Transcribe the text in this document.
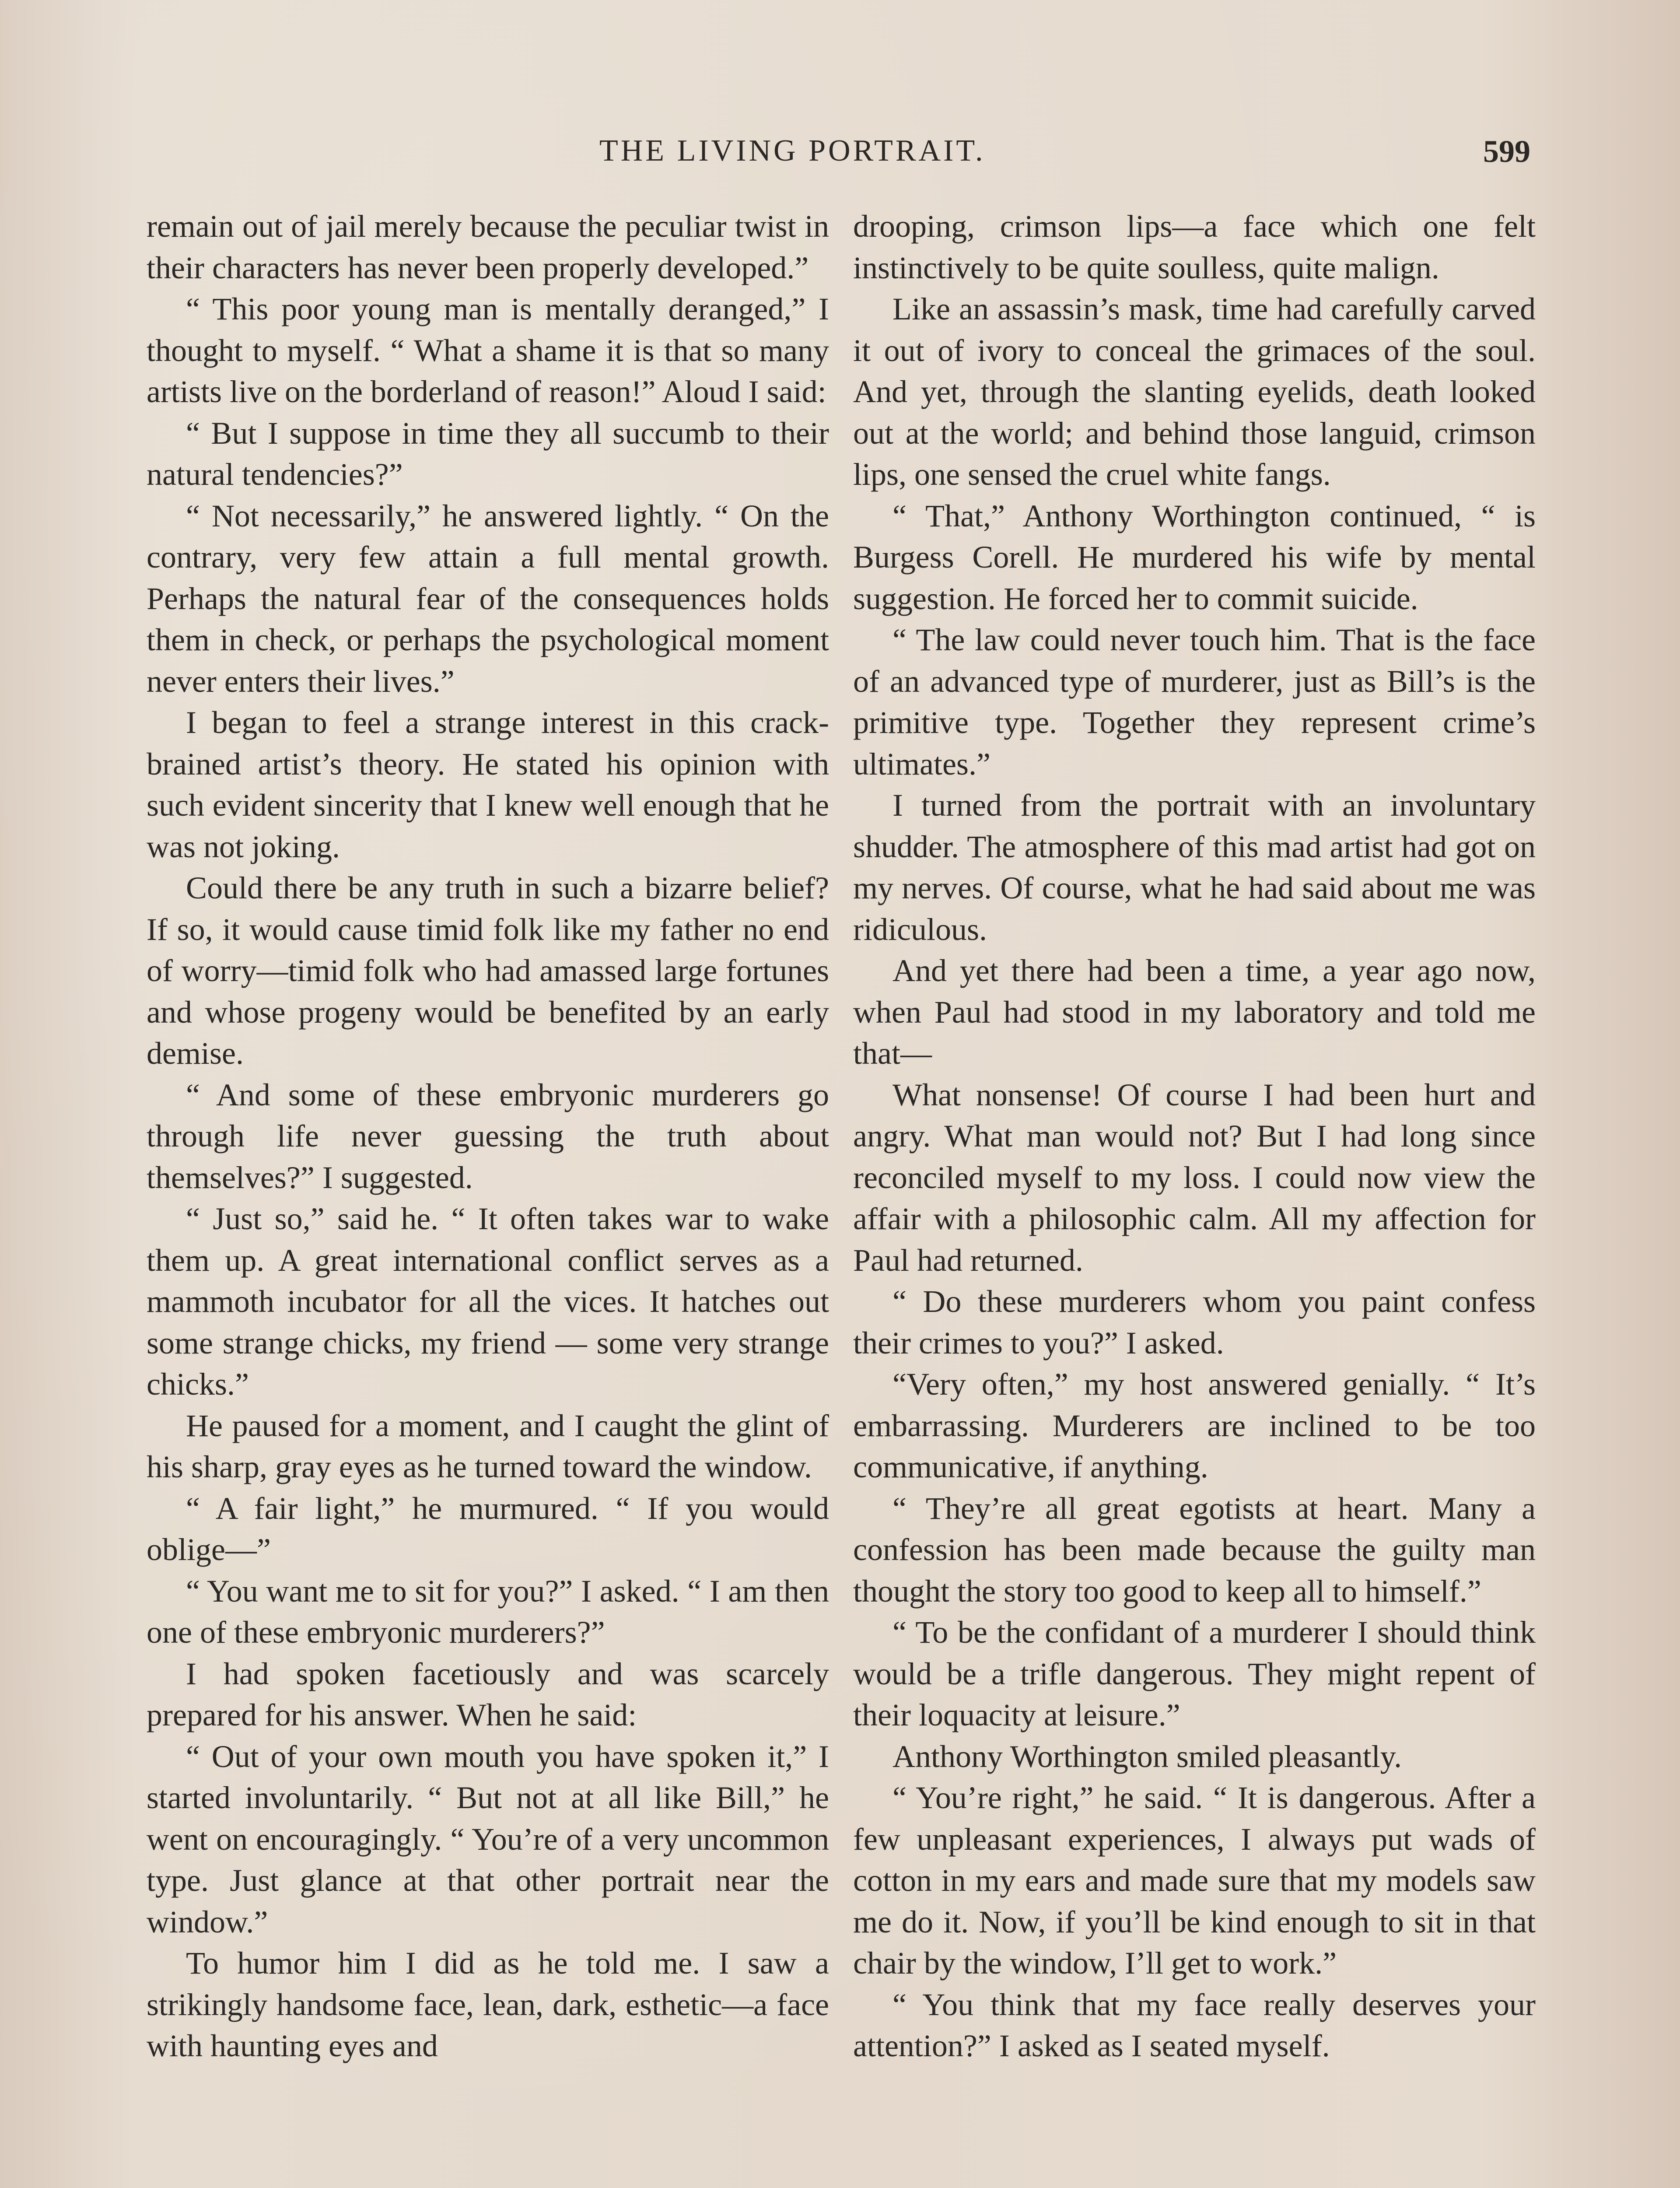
THE LIVING PORTRAIT.	599

remain out of jail merely because the peculiar twist in their characters has never been properly developed.”

“ This poor young man is mentally deranged,” I thought to myself. “ What a shame it is that so many artists live on the borderland of reason!” Aloud I said:

“ But I suppose in time they all succumb to their natural tendencies?”

“ Not necessarily,” he answered lightly. “ On the contrary, very few attain a full mental growth. Perhaps the natural fear of the consequences holds them in check, or perhaps the psychological moment never enters their lives.”

I began to feel a strange interest in this crack-brained artist’s theory. He stated his opinion with such evident sincerity that I knew well enough that he was not joking.

Could there be any truth in such a bizarre belief? If so, it would cause timid folk like my father no end of worry—timid folk who had amassed large fortunes and whose progeny would be benefited by an early demise.

“ And some of these embryonic murderers go through life never guessing the truth about themselves?” I suggested.

“ Just so,” said he. “ It often takes war to wake them up. A great international conflict serves as a mammoth incubator for all the vices. It hatches out some strange chicks, my friend — some very strange chicks.”

He paused for a moment, and I caught the glint of his sharp, gray eyes as he turned toward the window.

“ A fair light,” he murmured. “ If you would oblige—”

“ You want me to sit for you?” I asked. “ I am then one of these embryonic murderers?”

I had spoken facetiously and was scarcely prepared for his answer. When he said:

“ Out of your own mouth you have spoken it,” I started involuntarily. “ But not at all like Bill,” he went on encouragingly. “ You’re of a very uncommon type. Just glance at that other portrait near the window.”

To humor him I did as he told me. I saw a strikingly handsome face, lean, dark, esthetic—a face with haunting eyes and

drooping, crimson lips—a face which one felt instinctively to be quite soulless, quite malign.

Like an assassin’s mask, time had carefully carved it out of ivory to conceal the grimaces of the soul. And yet, through the slanting eyelids, death looked out at the world; and behind those languid, crimson lips, one sensed the cruel white fangs.

“ That,” Anthony Worthington continued, “ is Burgess Corell. He murdered his wife by mental suggestion. He forced her to commit suicide.

“ The law could never touch him. That is the face of an advanced type of murderer, just as Bill’s is the primitive type. Together they represent crime’s ultimates.”

I turned from the portrait with an involuntary shudder. The atmosphere of this mad artist had got on my nerves. Of course, what he had said about me was ridiculous.

And yet there had been a time, a year ago now, when Paul had stood in my laboratory and told me that—

What nonsense! Of course I had been hurt and angry. What man would not? But I had long since reconciled myself to my loss. I could now view the affair with a philosophic calm. All my affection for Paul had returned.

“ Do these murderers whom you paint confess their crimes to you?” I asked.

“Very often,” my host answered genially. “ It’s embarrassing. Murderers are inclined to be too communicative, if anything.

“ They’re all great egotists at heart. Many a confession has been made because the guilty man thought the story too good to keep all to himself.”

“ To be the confidant of a murderer I should think would be a trifle dangerous. They might repent of their loquacity at leisure.”

Anthony Worthington smiled pleasantly.

“ You’re right,” he said. “ It is dangerous. After a few unpleasant experiences, I always put wads of cotton in my ears and made sure that my models saw me do it. Now, if you’ll be kind enough to sit in that chair by the window, I’ll get to work.”

“ You think that my face really deserves your attention?” I asked as I seated myself.
